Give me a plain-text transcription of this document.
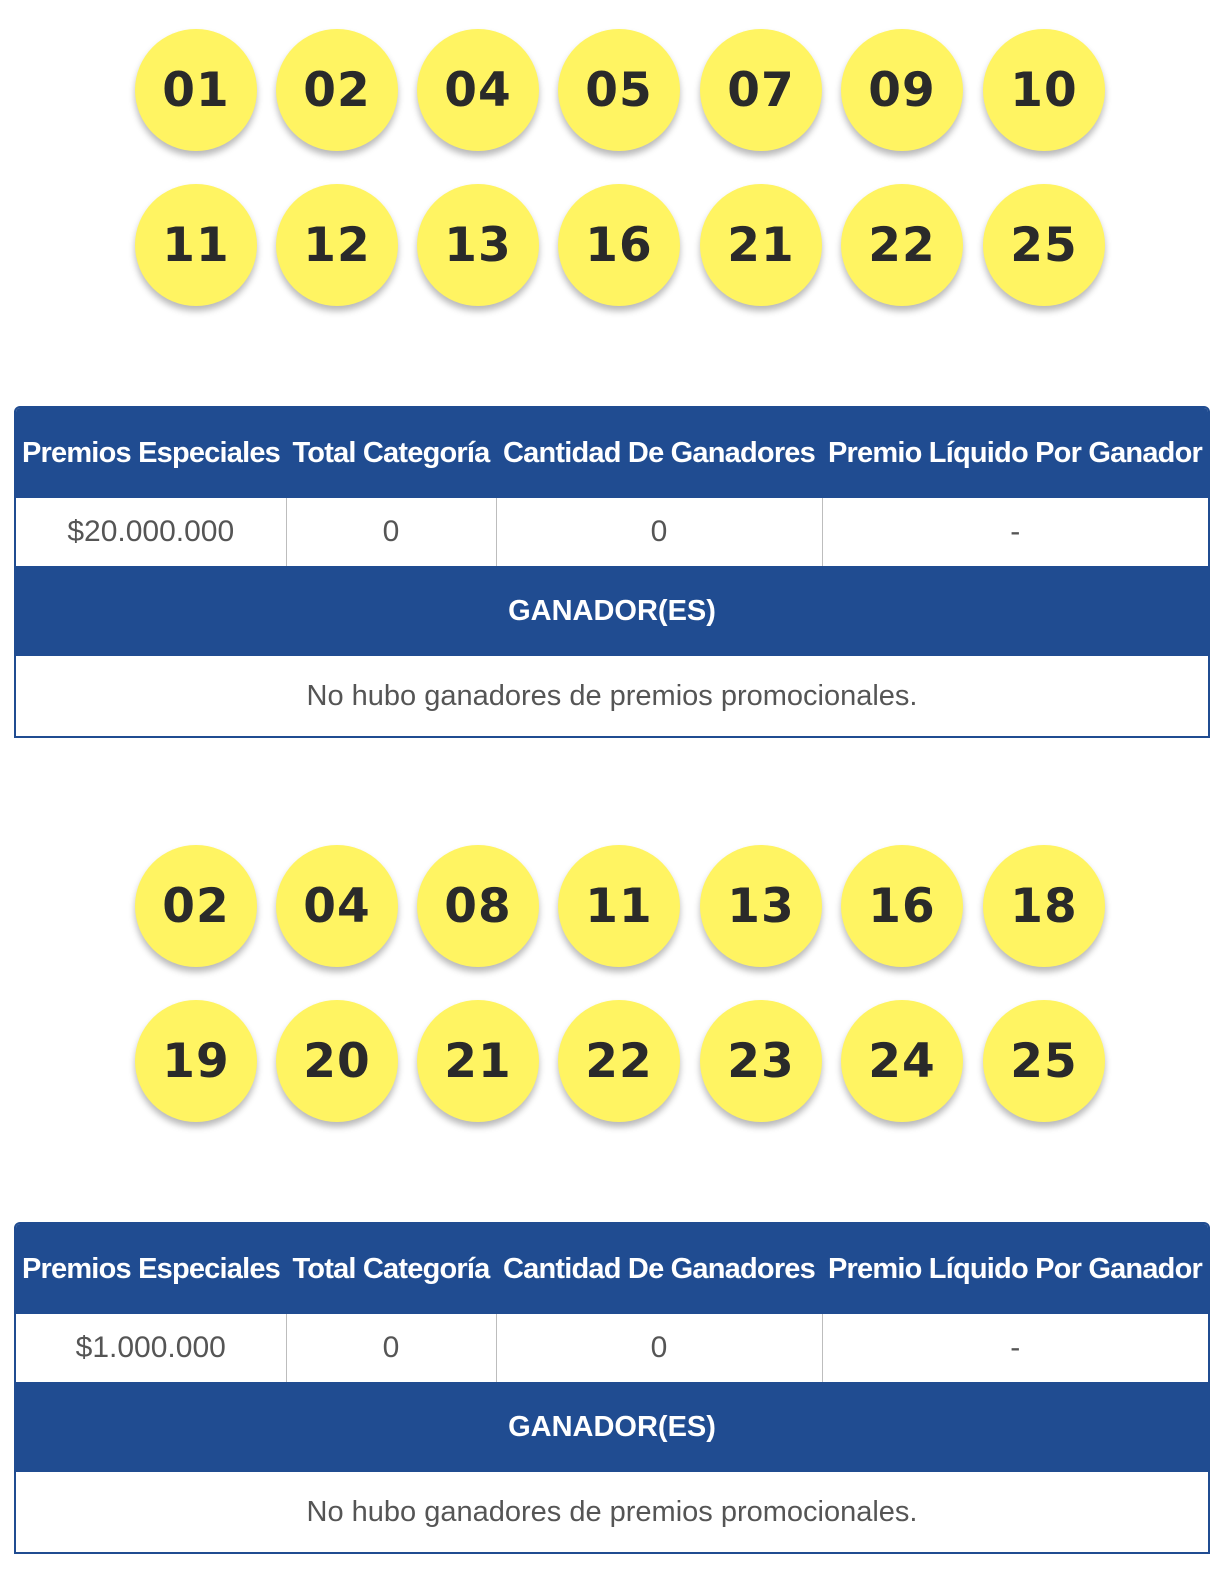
01	02	04	05	07	09	10
11	12	13	16	21	22	25
Premios Especiales	Total Categoría	Cantidad De Ganadores	Premio Líquido Por Ganador
$20.000.000	0	0	-
GANADOR(ES)			
No hubo ganadores de premios promocionales.			
02	04	08	11	13	16	18
19	20	21	22	23	24	25
Premios Especiales	Total Categoría	Cantidad De Ganadores	Premio Líquido Por Ganador
$1.000.000	0	0	-
GANADOR(ES)			
No hubo ganadores de premios promocionales.			
